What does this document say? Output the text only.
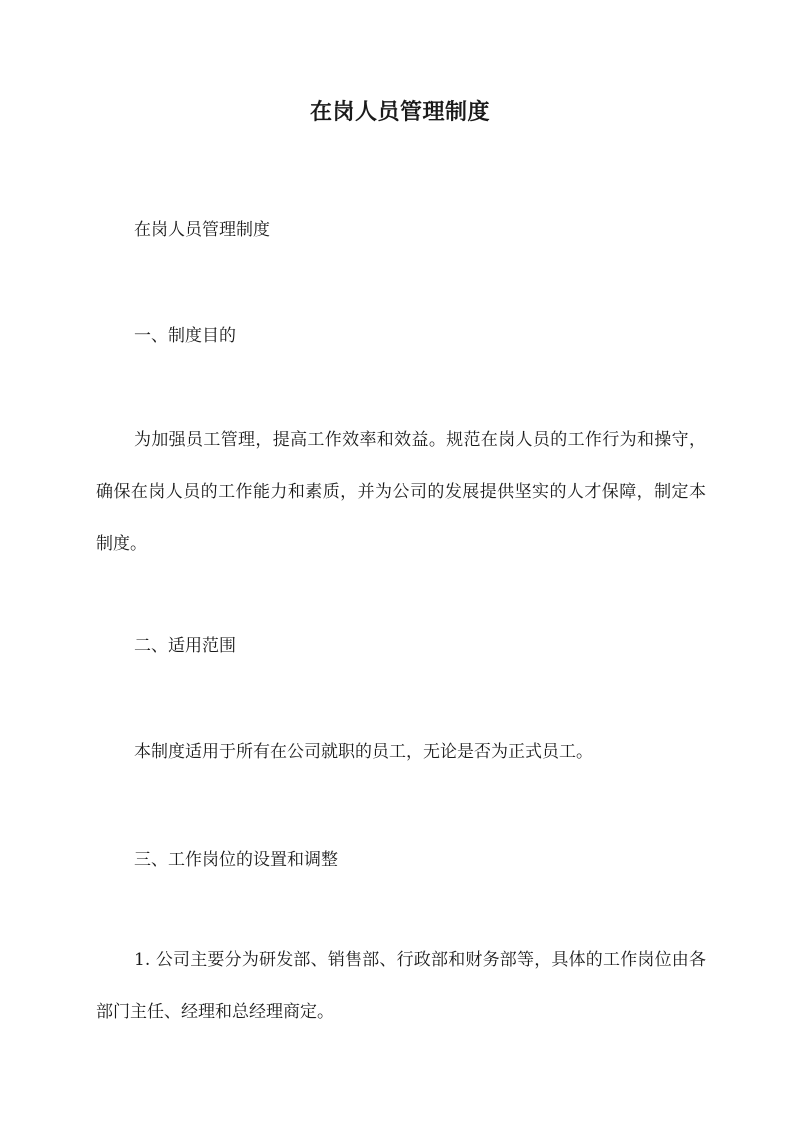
在岗人员管理制度
在岗人员管理制度
一、制度目的

为加强员工管理，提高工作效率和效益。规范在岗人员的工作行为和操守，确保在岗人员的工作能力和素质，并为公司的发展提供坚实的人才保障，制定本制度。

二、适用范围
本制度适用于所有在公司就职的员工，无论是否为正式员工。
三、工作岗位的设置和调整

1. 公司主要分为研发部、销售部、行政部和财务部等，具体的工作岗位由各部门主任、经理和总经理商定。
